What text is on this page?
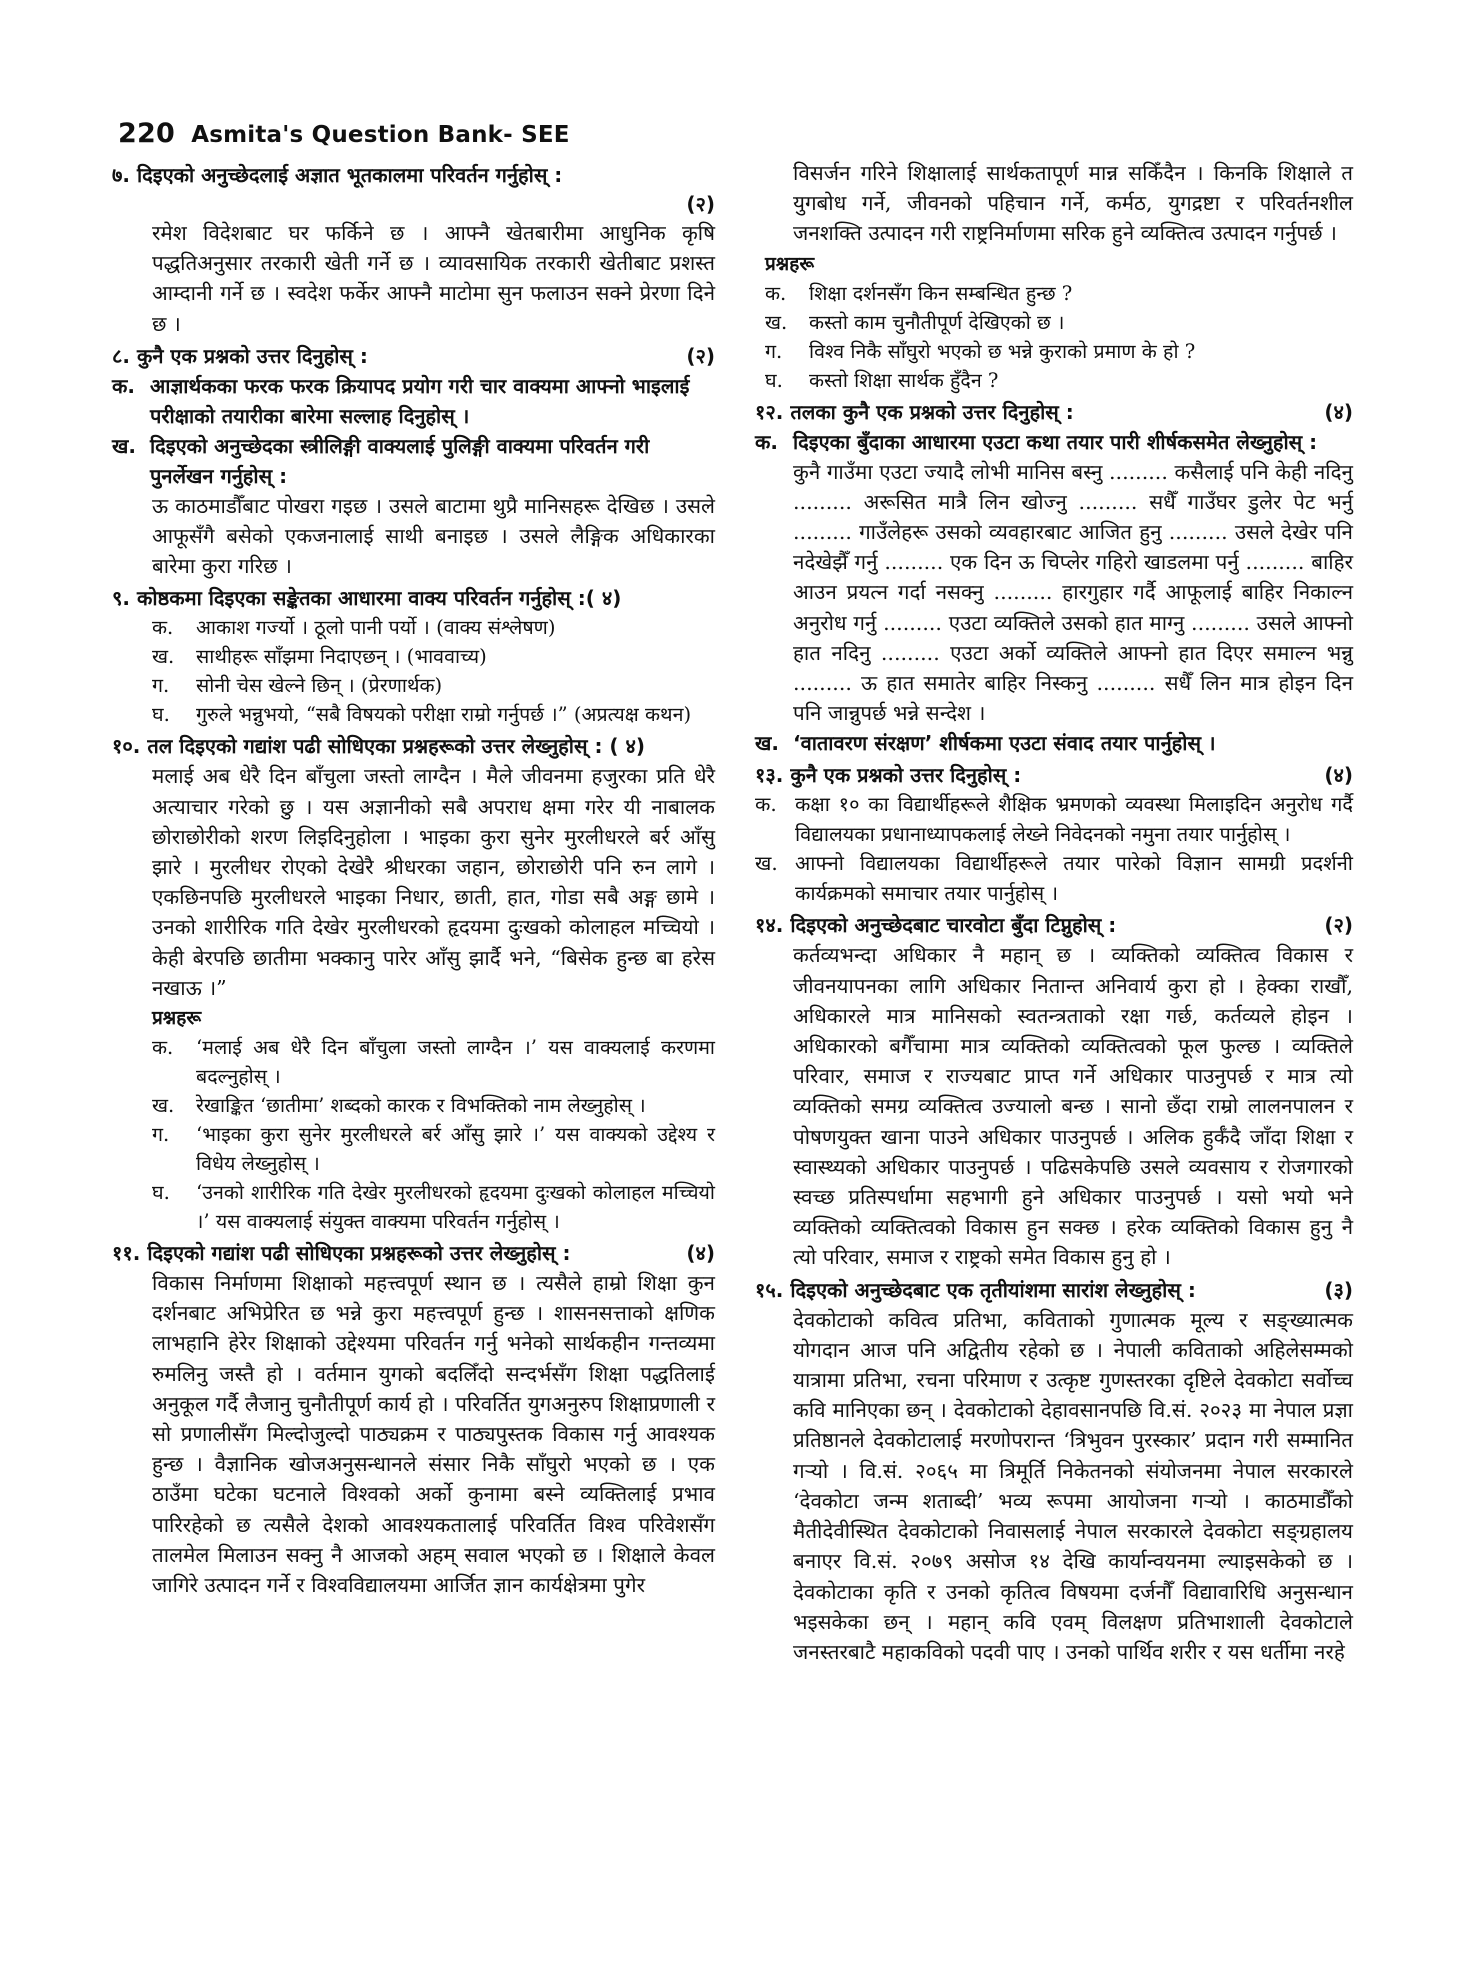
220 Asmita's Question Bank- SEE
७. दिइएको अनुच्छेदलाई अज्ञात भूतकालमा परिवर्तन गर्नुहोस् :
(२)
रमेश विदेशबाट घर फर्किने छ । आफ्नै खेतबारीमा आधुनिक कृषि पद्धतिअनुसार तरकारी खेती गर्ने छ । व्यावसायिक तरकारी खेतीबाट प्रशस्त आम्दानी गर्ने छ । स्वदेश फर्केर आफ्नै माटोमा सुन फलाउन सक्ने प्रेरणा दिने छ ।
८. कुनै एक प्रश्नको उत्तर दिनुहोस् :	(२)
क. आज्ञार्थकका फरक फरक क्रियापद प्रयोग गरी चार वाक्यमा आफ्नो भाइलाई परीक्षाको तयारीका बारेमा सल्लाह दिनुहोस् ।
ख. दिइएको अनुच्छेदका स्त्रीलिङ्गी वाक्यलाई पुलिङ्गी वाक्यमा परिवर्तन गरी पुनर्लेखन गर्नुहोस् :
ऊ काठमाडौँबाट पोखरा गइछ । उसले बाटामा थुप्रै मानिसहरू देखिछ । उसले आफूसँगै बसेको एकजनालाई साथी बनाइछ । उसले लैङ्गिक अधिकारका बारेमा कुरा गरिछ ।
९. कोष्ठकमा दिइएका सङ्केतका आधारमा वाक्य परिवर्तन गर्नुहोस् :( ४)
क.	आकाश गर्ज्यो । ठूलो पानी पर्यो । (वाक्य संश्लेषण)
ख.	साथीहरू साँझमा निदाएछन् । (भाववाच्य)
ग.	सोनी चेस खेल्ने छिन् । (प्रेरणार्थक)
घ.	गुरुले भन्नुभयो, “सबै विषयको परीक्षा राम्रो गर्नुपर्छ ।” (अप्रत्यक्ष कथन)
१०. तल दिइएको गद्यांश पढी सोधिएका प्रश्नहरूको उत्तर लेख्नुहोस् : ( ४)
मलाई अब धेरै दिन बाँचुला जस्तो लाग्दैन । मैले जीवनमा हजुरका प्रति धेरै अत्याचार गरेको छु । यस अज्ञानीको सबै अपराध क्षमा गरेर यी नाबालक छोराछोरीको शरण लिइदिनुहोला । भाइका कुरा सुनेर मुरलीधरले बर्र आँसु झारे । मुरलीधर रोएको देखेरै श्रीधरका जहान, छोराछोरी पनि रुन लागे । एकछिनपछि मुरलीधरले भाइका निधार, छाती, हात, गोडा सबै अङ्ग छामे । उनको शारीरिक गति देखेर मुरलीधरको हृदयमा दुःखको कोलाहल मच्चियो । केही बेरपछि छातीमा भक्कानु पारेर आँसु झार्दै भने, “बिसेक हुन्छ बा हरेस नखाऊ ।”
प्रश्नहरू
क.	‘मलाई अब धेरै दिन बाँचुला जस्तो लाग्दैन ।’ यस वाक्यलाई करणमा बदल्नुहोस् ।
ख.	रेखाङ्कित ‘छातीमा’ शब्दको कारक र विभक्तिको नाम लेख्नुहोस् ।
ग.	‘भाइका कुरा सुनेर मुरलीधरले बर्र आँसु झारे ।’ यस वाक्यको उद्देश्य र विधेय लेख्नुहोस् ।
घ.	‘उनको शारीरिक गति देखेर मुरलीधरको हृदयमा दुःखको कोलाहल मच्चियो ।’ यस वाक्यलाई संयुक्त वाक्यमा परिवर्तन गर्नुहोस् ।
११. दिइएको गद्यांश पढी सोधिएका प्रश्नहरूको उत्तर लेख्नुहोस् :	(४)
विकास निर्माणमा शिक्षाको महत्त्वपूर्ण स्थान छ । त्यसैले हाम्रो शिक्षा कुन दर्शनबाट अभिप्रेरित छ भन्ने कुरा महत्त्वपूर्ण हुन्छ । शासनसत्ताको क्षणिक लाभहानि हेरेर शिक्षाको उद्देश्यमा परिवर्तन गर्नु भनेको सार्थकहीन गन्तव्यमा रुमलिनु जस्तै हो । वर्तमान युगको बदलिँदो सन्दर्भसँग शिक्षा पद्धतिलाई अनुकूल गर्दै लैजानु चुनौतीपूर्ण कार्य हो । परिवर्तित युगअनुरुप शिक्षाप्रणाली र सो प्रणालीसँग मिल्दोजुल्दो पाठ्यक्रम र पाठ्यपुस्तक विकास गर्नु आवश्यक हुन्छ । वैज्ञानिक खोजअनुसन्धानले संसार निकै साँघुरो भएको छ । एक ठाउँमा घटेका घटनाले विश्वको अर्को कुनामा बस्ने व्यक्तिलाई प्रभाव पारिरहेको छ त्यसैले देशको आवश्यकतालाई परिवर्तित विश्व परिवेशसँग तालमेल मिलाउन सक्नु नै आजको अहम् सवाल भएको छ । शिक्षाले केवल जागिरे उत्पादन गर्ने र विश्वविद्यालयमा आर्जित ज्ञान कार्यक्षेत्रमा पुगेर
विसर्जन गरिने शिक्षालाई सार्थकतापूर्ण मान्न सकिँदैन । किनकि शिक्षाले त युगबोध गर्ने, जीवनको पहिचान गर्ने, कर्मठ, युगद्रष्टा र परिवर्तनशील जनशक्ति उत्पादन गरी राष्ट्रनिर्माणमा सरिक हुने व्यक्तित्व उत्पादन गर्नुपर्छ ।
प्रश्नहरू
क.	शिक्षा दर्शनसँग किन सम्बन्धित हुन्छ ?
ख.	कस्तो काम चुनौतीपूर्ण देखिएको छ ।
ग.	विश्व निकै साँघुरो भएको छ भन्ने कुराको प्रमाण के हो ?
घ.	कस्तो शिक्षा सार्थक हुँदैन ?
१२. तलका कुनै एक प्रश्नको उत्तर दिनुहोस् :	(४)
क. दिइएका बुँदाका आधारमा एउटा कथा तयार पारी शीर्षकसमेत लेख्नुहोस् :
कुनै गाउँमा एउटा ज्यादै लोभी मानिस बस्नु ......... कसैलाई पनि केही नदिनु ......... अरूसित मात्रै लिन खोज्नु ......... सधैँ गाउँघर डुलेर पेट भर्नु ......... गाउँलेहरू उसको व्यवहारबाट आजित हुनु ......... उसले देखेर पनि नदेखेझैँ गर्नु ......... एक दिन ऊ चिप्लेर गहिरो खाडलमा पर्नु ......... बाहिर आउन प्रयत्न गर्दा नसक्नु ......... हारगुहार गर्दै आफूलाई बाहिर निकाल्न अनुरोध गर्नु ......... एउटा व्यक्तिले उसको हात माग्नु ......... उसले आफ्नो हात नदिनु ......... एउटा अर्को व्यक्तिले आफ्नो हात दिएर समाल्न भन्नु ......... ऊ हात समातेर बाहिर निस्कनु ......... सधैँ लिन मात्र होइन दिन पनि जान्नुपर्छ भन्ने सन्देश ।
ख. ‘वातावरण संरक्षण’ शीर्षकमा एउटा संवाद तयार पार्नुहोस् ।
१३. कुनै एक प्रश्नको उत्तर दिनुहोस् :	(४)
क. कक्षा १० का विद्यार्थीहरूले शैक्षिक भ्रमणको व्यवस्था मिलाइदिन अनुरोध गर्दै विद्यालयका प्रधानाध्यापकलाई लेख्ने निवेदनको नमुना तयार पार्नुहोस् ।
ख. आफ्नो विद्यालयका विद्यार्थीहरूले तयार पारेको विज्ञान सामग्री प्रदर्शनी कार्यक्रमको समाचार तयार पार्नुहोस् ।
१४. दिइएको अनुच्छेदबाट चारवोटा बुँदा टिप्नुहोस् :	(२)
कर्तव्यभन्दा अधिकार नै महान् छ । व्यक्तिको व्यक्तित्व विकास र जीवनयापनका लागि अधिकार नितान्त अनिवार्य कुरा हो । हेक्का राखौँ, अधिकारले मात्र मानिसको स्वतन्त्रताको रक्षा गर्छ, कर्तव्यले होइन । अधिकारको बगैँचामा मात्र व्यक्तिको व्यक्तित्वको फूल फुल्छ । व्यक्तिले परिवार, समाज र राज्यबाट प्राप्त गर्ने अधिकार पाउनुपर्छ र मात्र त्यो व्यक्तिको समग्र व्यक्तित्व उज्यालो बन्छ । सानो छँदा राम्रो लालनपालन र पोषणयुक्त खाना पाउने अधिकार पाउनुपर्छ । अलिक हुर्कँदै जाँदा शिक्षा र स्वास्थ्यको अधिकार पाउनुपर्छ । पढिसकेपछि उसले व्यवसाय र रोजगारको स्वच्छ प्रतिस्पर्धामा सहभागी हुने अधिकार पाउनुपर्छ । यसो भयो भने व्यक्तिको व्यक्तित्वको विकास हुन सक्छ । हरेक व्यक्तिको विकास हुनु नै त्यो परिवार, समाज र राष्ट्रको समेत विकास हुनु हो ।
१५. दिइएको अनुच्छेदबाट एक तृतीयांशमा सारांश लेख्नुहोस् :	(३)
देवकोटाको कवित्व प्रतिभा, कविताको गुणात्मक मूल्य र सङ्ख्यात्मक योगदान आज पनि अद्वितीय रहेको छ । नेपाली कविताको अहिलेसम्मको यात्रामा प्रतिभा, रचना परिमाण र उत्कृष्ट गुणस्तरका दृष्टिले देवकोटा सर्वोच्च कवि मानिएका छन् । देवकोटाको देहावसानपछि वि.सं. २०२३ मा नेपाल प्रज्ञा प्रतिष्ठानले देवकोटालाई मरणोपरान्त ‘त्रिभुवन पुरस्कार’ प्रदान गरी सम्मानित गर्‍यो । वि.सं. २०६५ मा त्रिमूर्ति निकेतनको संयोजनमा नेपाल सरकारले ‘देवकोटा जन्म शताब्दी’ भव्य रूपमा आयोजना गर्‍यो । काठमाडौँको मैतीदेवीस्थित देवकोटाको निवासलाई नेपाल सरकारले देवकोटा सङ्ग्रहालय बनाएर वि.सं. २०७९ असोज १४ देखि कार्यान्वयनमा ल्याइसकेको छ । देवकोटाका कृति र उनको कृतित्व विषयमा दर्जनौँ विद्यावारिधि अनुसन्धान भइसकेका छन् । महान् कवि एवम् विलक्षण प्रतिभाशाली देवकोटाले जनस्तरबाटै महाकविको पदवी पाए । उनको पार्थिव शरीर र यस धर्तीमा नरहे
